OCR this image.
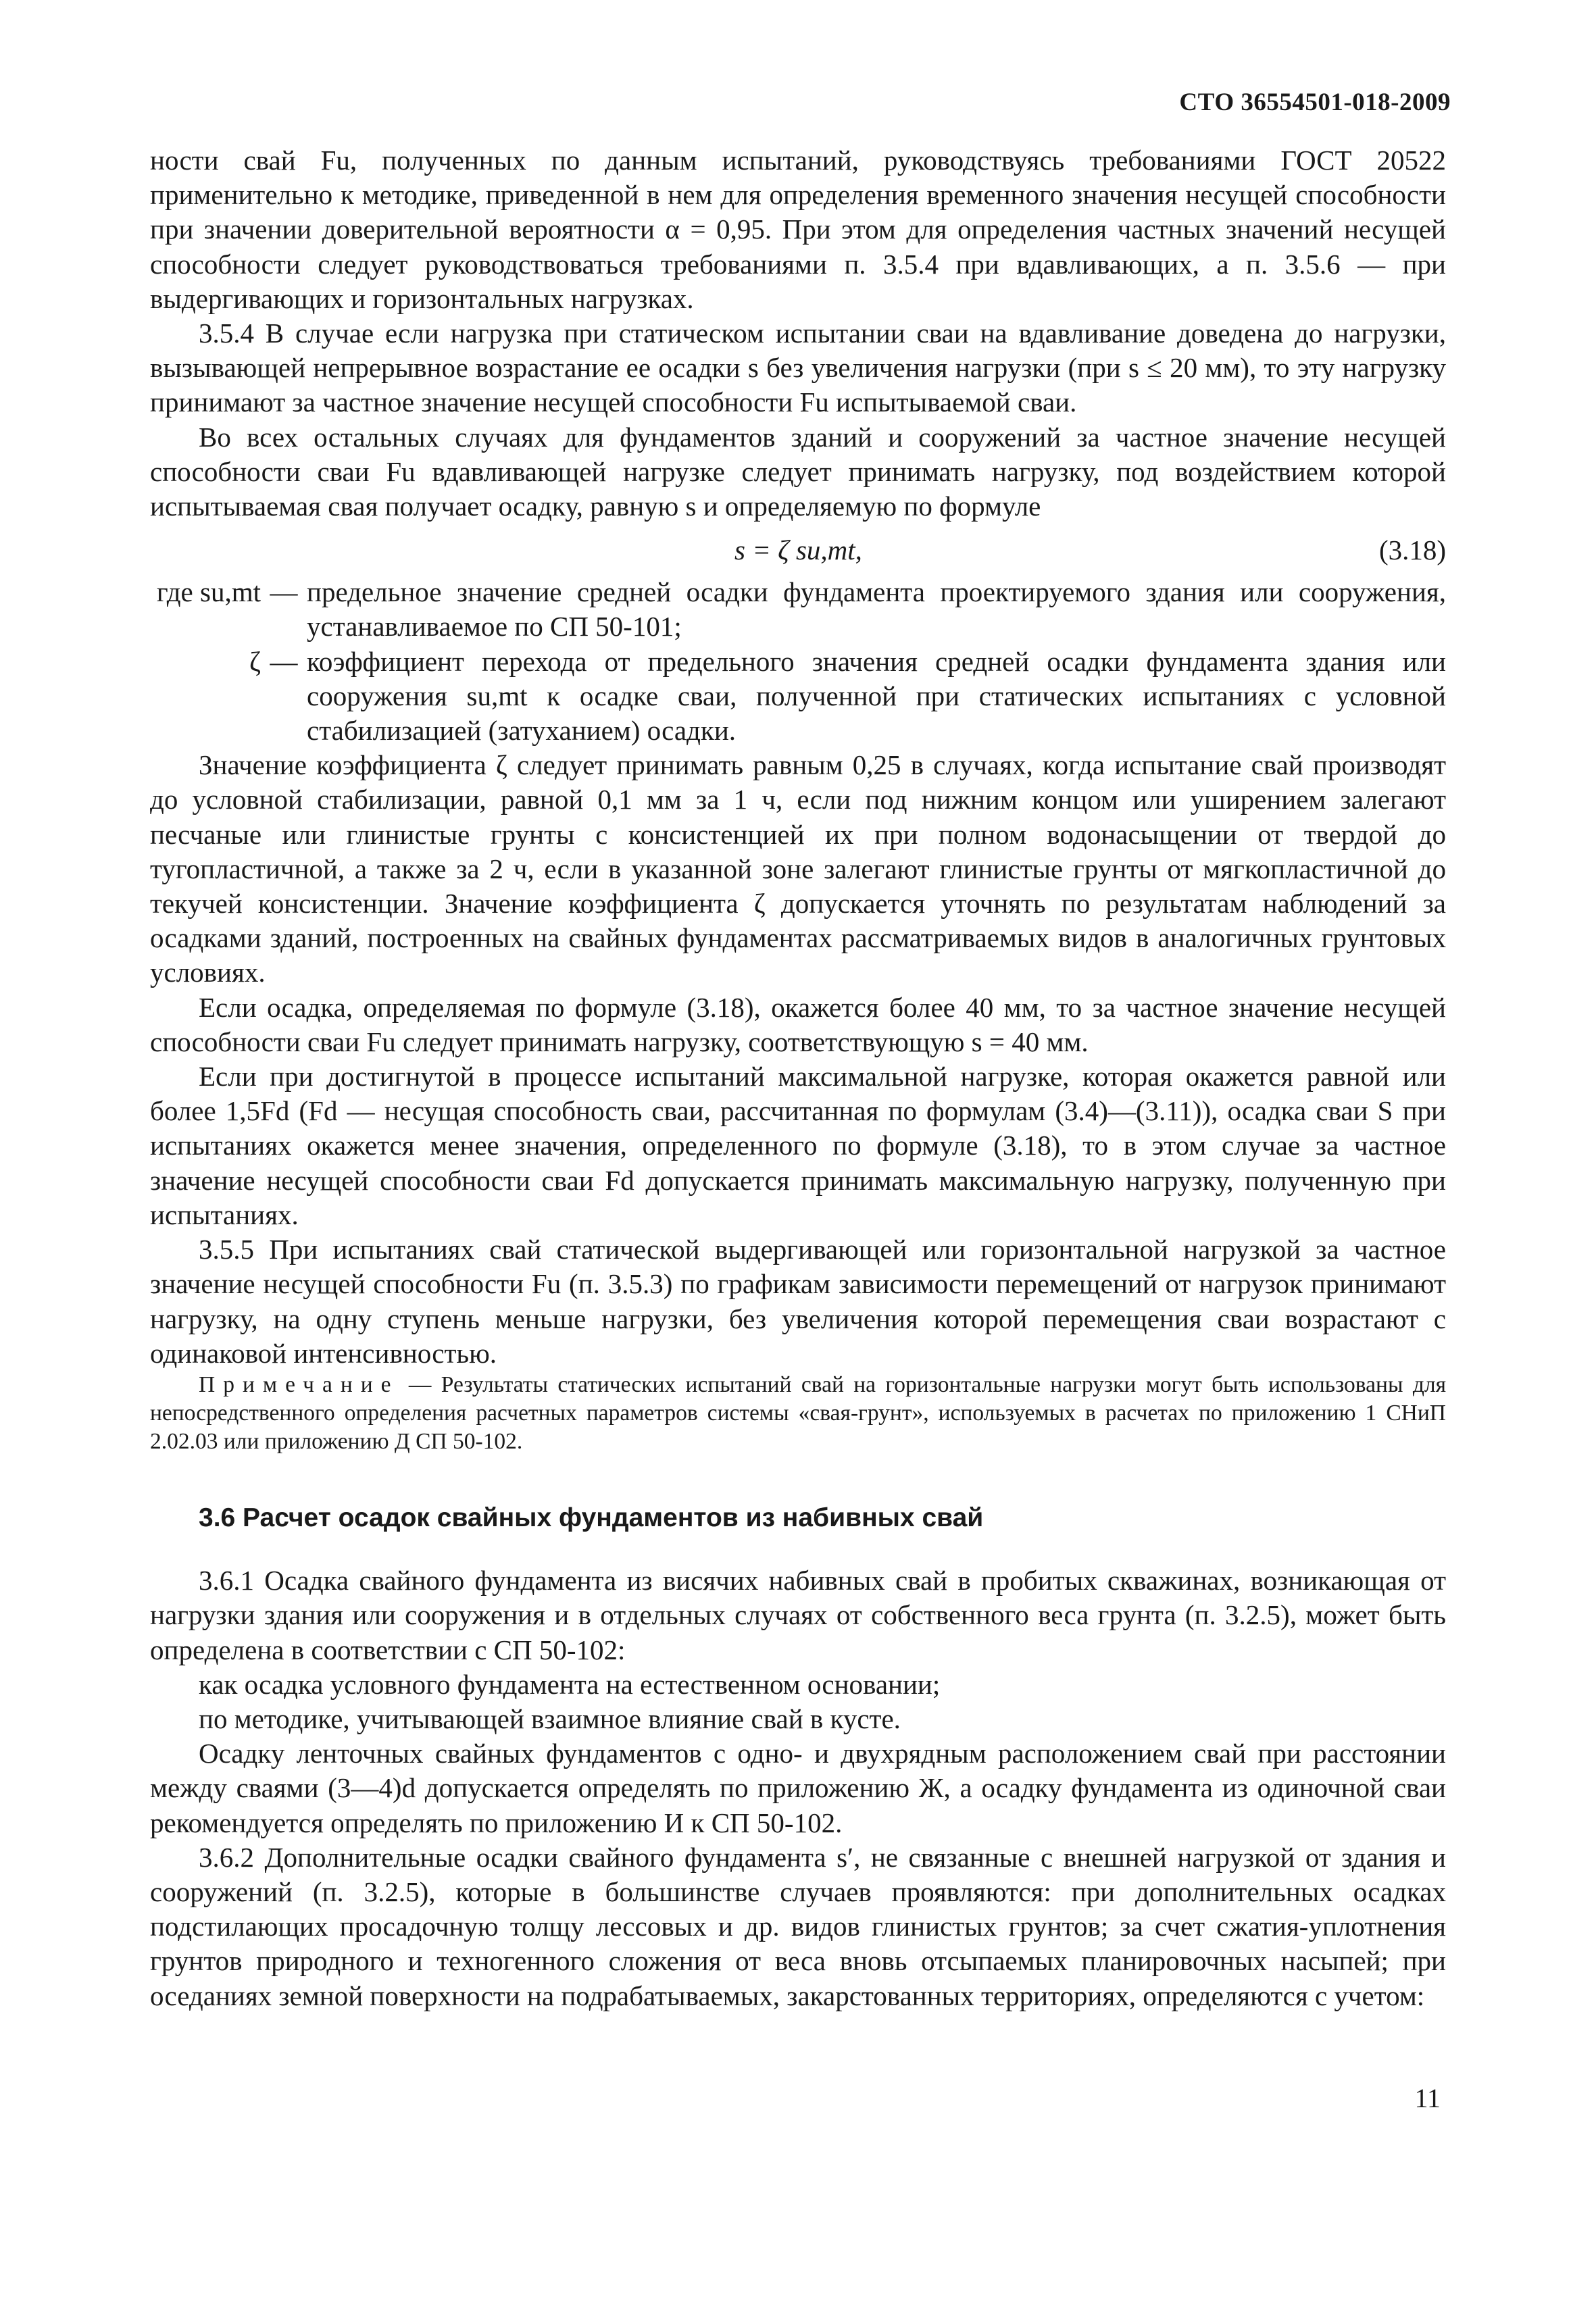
СТО 36554501-018-2009

ности свай Fu, полученных по данным испытаний, руководствуясь требованиями ГОСТ 20522 применительно к методике, приведенной в нем для определения временного значения несущей способности при значении доверительной вероятности α = 0,95. При этом для определения частных значений несущей способности следует руководствоваться требованиями п. 3.5.4 при вдавливающих, а п. 3.5.6 — при выдергивающих и горизонтальных нагрузках.

3.5.4 В случае если нагрузка при статическом испытании сваи на вдавливание доведена до нагрузки, вызывающей непрерывное возрастание ее осадки s без увеличения нагрузки (при s ≤ 20 мм), то эту нагрузку принимают за частное значение несущей способности Fu испытываемой сваи.

Во всех остальных случаях для фундаментов зданий и сооружений за частное значение несущей способности сваи Fu вдавливающей нагрузке следует принимать нагрузку, под воздействием которой испытываемая свая получает осадку, равную s и определяемую по формуле

s = ζ su,mt,	(3.18)
где su,mt — предельное значение средней осадки фундамента проектируемого здания или сооружения, устанавливаемое по СП 50-101;
ζ — коэффициент перехода от предельного значения средней осадки фундамента здания или сооружения su,mt к осадке сваи, полученной при статических испытаниях с условной стабилизацией (затуханием) осадки.

Значение коэффициента ζ следует принимать равным 0,25 в случаях, когда испытание свай производят до условной стабилизации, равной 0,1 мм за 1 ч, если под нижним концом или уширением залегают песчаные или глинистые грунты с консистенцией их при полном водонасыщении от твердой до тугопластичной, а также за 2 ч, если в указанной зоне залегают глинистые грунты от мягкопластичной до текучей консистенции. Значение коэффициента ζ допускается уточнять по результатам наблюдений за осадками зданий, построенных на свайных фундаментах рассматриваемых видов в аналогичных грунтовых условиях.

Если осадка, определяемая по формуле (3.18), окажется более 40 мм, то за частное значение несущей способности сваи Fu следует принимать нагрузку, соответствующую s = 40 мм.

Если при достигнутой в процессе испытаний максимальной нагрузке, которая окажется равной или более 1,5Fd (Fd — несущая способность сваи, рассчитанная по формулам (3.4)—(3.11)), осадка сваи S при испытаниях окажется менее значения, определенного по формуле (3.18), то в этом случае за частное значение несущей способности сваи Fd допускается принимать максимальную нагрузку, полученную при испытаниях.

3.5.5 При испытаниях свай статической выдергивающей или горизонтальной нагрузкой за частное значение несущей способности Fu (п. 3.5.3) по графикам зависимости перемещений от нагрузок принимают нагрузку, на одну ступень меньше нагрузки, без увеличения которой перемещения сваи возрастают с одинаковой интенсивностью.

Примечание — Результаты статических испытаний свай на горизонтальные нагрузки могут быть использованы для непосредственного определения расчетных параметров системы «свая-грунт», используемых в расчетах по приложению 1 СНиП 2.02.03 или приложению Д СП 50-102.

3.6 Расчет осадок свайных фундаментов из набивных свай

3.6.1 Осадка свайного фундамента из висячих набивных свай в пробитых скважинах, возникающая от нагрузки здания или сооружения и в отдельных случаях от собственного веса грунта (п. 3.2.5), может быть определена в соответствии с СП 50-102:

как осадка условного фундамента на естественном основании;

по методике, учитывающей взаимное влияние свай в кусте.

Осадку ленточных свайных фундаментов с одно- и двухрядным расположением свай при расстоянии между сваями (3—4)d допускается определять по приложению Ж, а осадку фундамента из одиночной сваи рекомендуется определять по приложению И к СП 50-102.

3.6.2 Дополнительные осадки свайного фундамента s′, не связанные с внешней нагрузкой от здания и сооружений (п. 3.2.5), которые в большинстве случаев проявляются: при дополнительных осадках подстилающих просадочную толщу лессовых и др. видов глинистых грунтов; за счет сжатия-уплотнения грунтов природного и техногенного сложения от веса вновь отсыпаемых планировочных насыпей; при оседаниях земной поверхности на подрабатываемых, закарстованных территориях, определяются с учетом:

11
